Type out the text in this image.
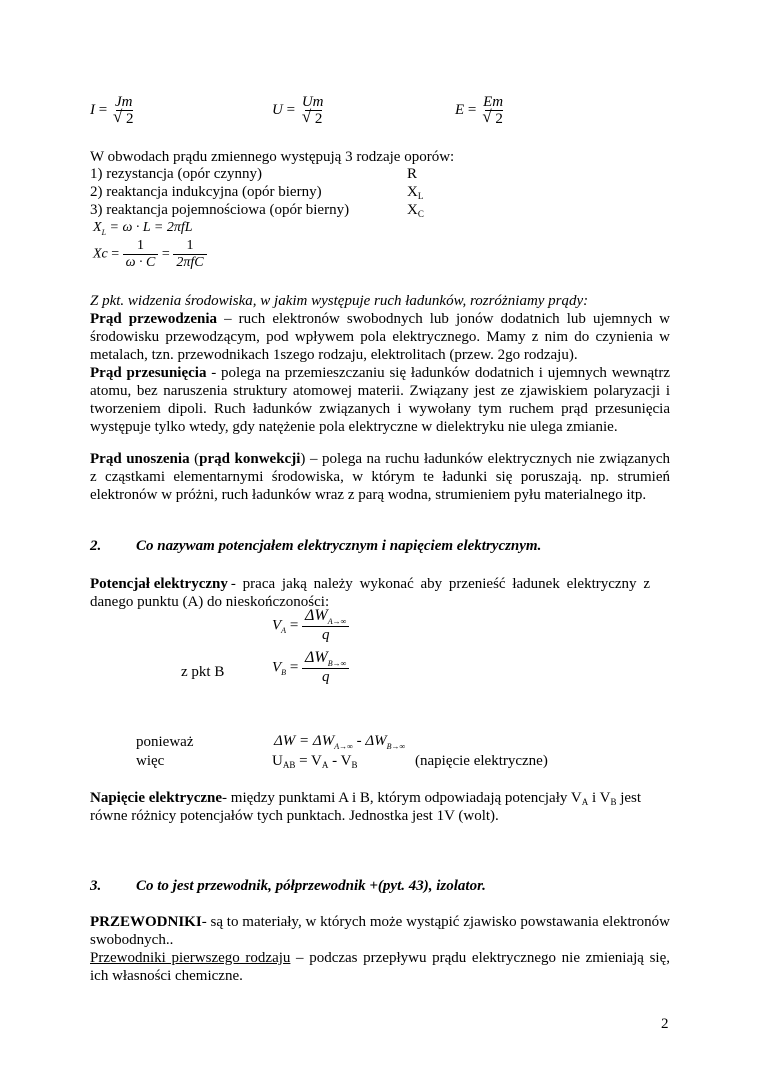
I = Jm
√ 2
U = Um
√ 2
E = Em
√ 2
W obwodach prądu zmiennego występują 3 rodzaje oporów:
1) rezystancja (opór czynny)	R
2) reaktancja indukcyjna (opór bierny)	$X_L$
3) reaktancja pojemnościowa (opór bierny)	$X_C$
$X_L = \omega \cdot L = 2\pi fL$
$Xc = \frac{1}{\omega \cdot C} = \frac{1}{\text{2πfC}}$
Z pkt. widzenia środowiska, w jakim występuje ruch ładunków, rozróżniamy prądy:
Prąd przewodzenia – ruch elektronów swobodnych lub jonów dodatnich lub ujemnych w środowisku przewodzącym, pod wpływem pola elektrycznego. Mamy z nim do czynienia w metalach, tzn. przewodnikach 1szego rodzaju, elektrolitach (przew. 2go rodzaju).
Prąd przesunięcia - polega na przemieszczaniu się ładunków dodatnich i ujemnych wewnątrz atomu, bez naruszenia struktury atomowej materii. Związany jest ze zjawiskiem polaryzacji i tworzeniem dipoli. Ruch ładunków związanych i wywołany tym ruchem prąd przesunięcia występuje tylko wtedy, gdy natężenie pola elektryczne w dielektryku nie ulega zmianie.
Prąd unoszenia (prąd konwekcji) – polega na ruchu ładunków elektrycznych nie związanych z cząstkami elementarnymi środowiska, w którym te ładunki się poruszają. np. strumień elektronów w próżni, ruch ładunków wraz z parą wodna, strumieniem pyłu materialnego itp.
2. Co nazywam potencjałem elektrycznym i napięciem elektrycznym.
Potencjał elektryczny - praca jaką należy wykonać aby przenieść ładunek elektryczny z danego punktu (A) do nieskończoności:
$V_A = \frac{\Delta W_{A\to\infty}}{q}$
z pkt B	$V_B = \frac{\Delta W_{B\to\infty}}{q}$
ponieważ	$\Delta W = \Delta W_{A\to\infty} - \Delta W_{B\to\infty}$
więc	$U_{AB} = V_A - V_B$	(napięcie elektryczne)
Napięcie elektryczne- między punktami A i B, którym odpowiadają potencjały $V_A$ i $V_B$ jest
równe różnicy potencjałów tych punktach. Jednostka jest 1V (wolt).
3. Co to jest przewodnik, półprzewodnik +(pyt. 43), izolator.
PRZEWODNIKI- są to materiały, w których może wystąpić zjawisko powstawania elektronów swobodnych..
Przewodniki pierwszego rodzaju – podczas przepływu prądu elektrycznego nie zmieniają się, ich własności chemiczne.
2
